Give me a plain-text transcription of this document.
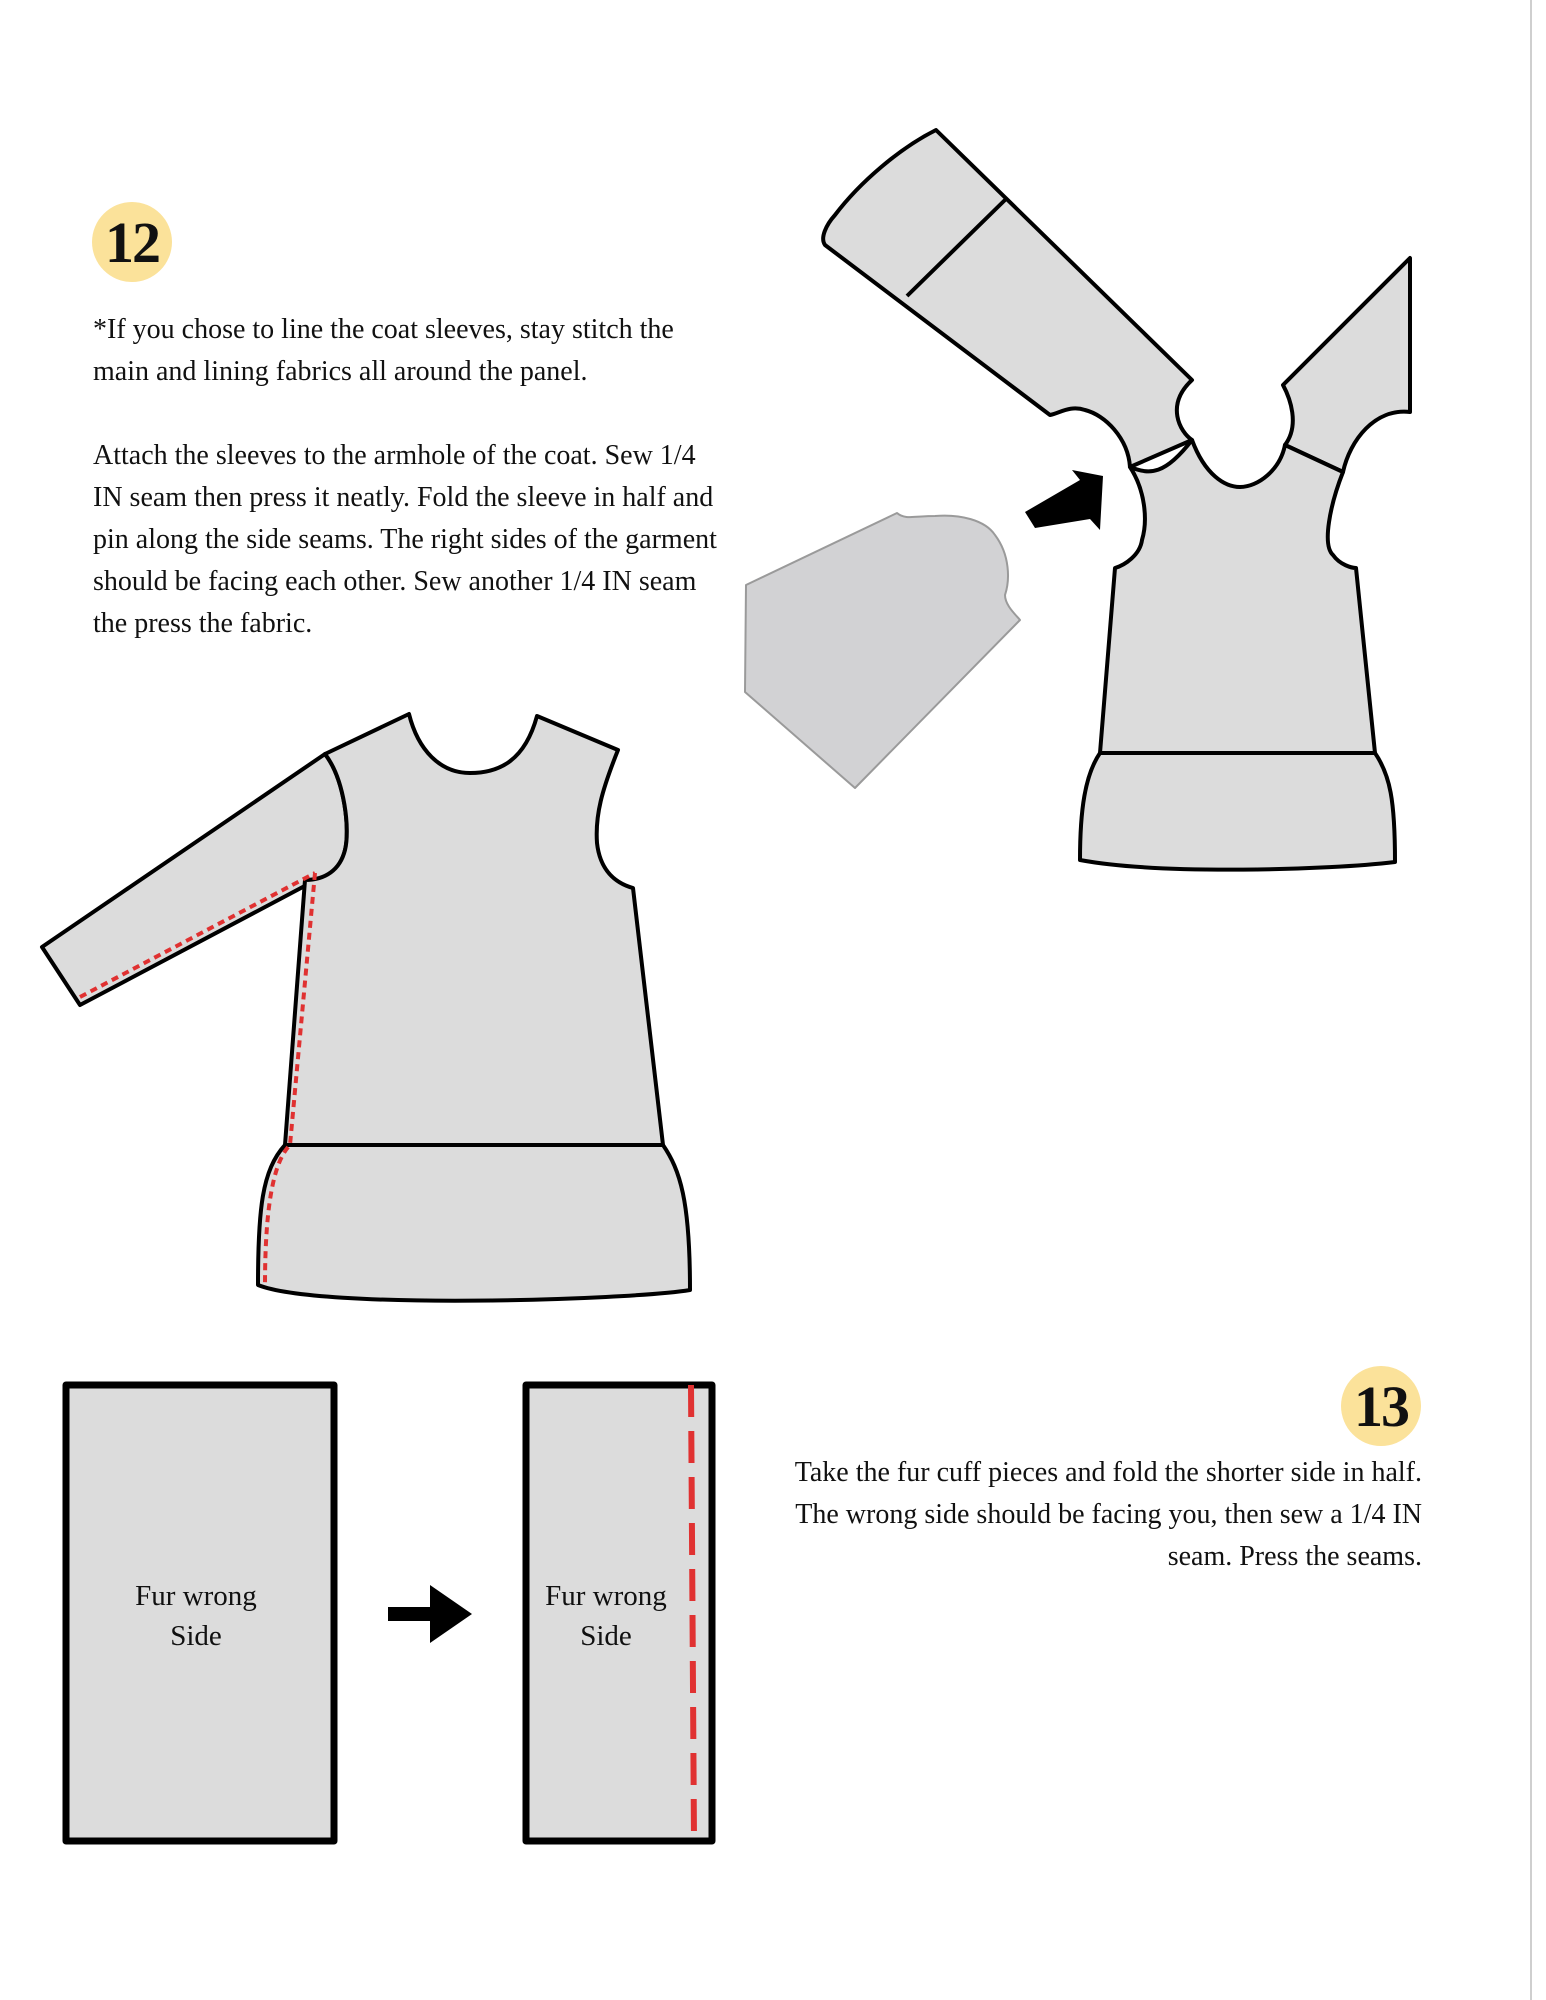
12

*If you chose to line the coat sleeves, stay stitch the main and lining fabrics all around the panel.

Attach the sleeves to the armhole of the coat. Sew 1/4 IN seam then press it neatly. Fold the sleeve in half and pin along the side seams. The right sides of the garment should be facing each other. Sew another 1/4 IN seam the press the fabric.

13

Take the fur cuff pieces and fold the shorter side in half. The wrong side should be facing you, then sew a 1/4 IN seam. Press the seams.

Fur wrong
Side
Fur wrong
Side
